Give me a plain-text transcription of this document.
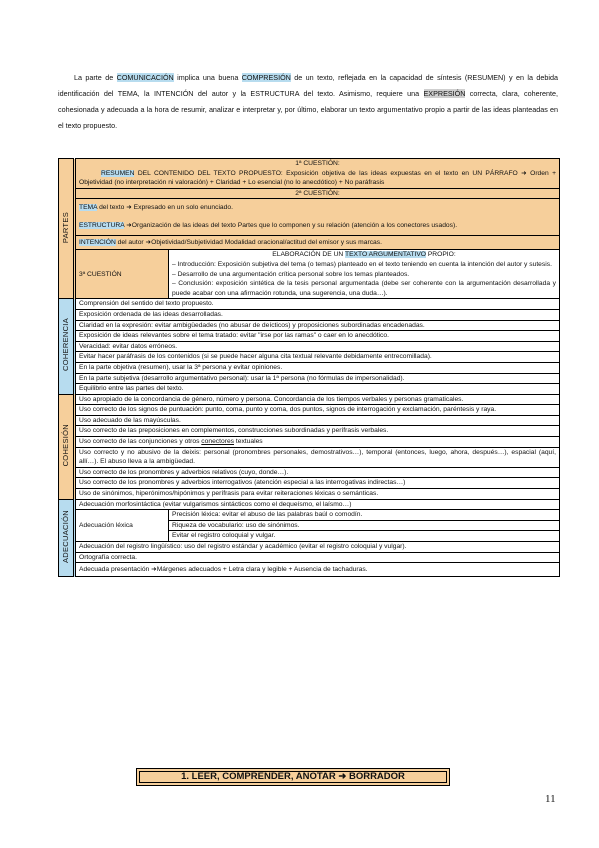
La parte de COMUNICACIÓN implica una buena COMPRESIÓN de un texto, reflejada en la capacidad de síntesis (RESUMEN) y en la debida identificación del TEMA, la INTENCIÓN del autor y la ESTRUCTURA del texto. Asimismo, requiere una EXPRESIÓN correcta, clara, coherente, cohesionada y adecuada a la hora de resumir, analizar e interpretar y, por último, elaborar un texto argumentativo propio a partir de las ideas planteadas en el texto propuesto.

PARTES	1ª CUESTIÓN:
RESUMEN DEL CONTENIDO DEL TEXTO PROPUESTO: Exposición objetiva de las ideas expuestas en el texto en UN PÁRRAFO ➜ Orden + Objetividad (no interpretación ni valoración) + Claridad + Lo esencial (no lo anecdótico) + No paráfrasis	

	2ª CUESTIÓN:	
	TEMA del texto ➜ Expresado en un solo enunciado.
ESTRUCTURA ➜Organización de las ideas del texto Partes que lo componen y su relación (atención a los conectores usados).	
	INTENCIÓN del autor ➜Objetividad/Subjetividad Modalidad oracional/actitud del emisor y sus marcas.	
	3ª CUESTIÓN	ELABORACIÓN DE UN TEXTO ARGUMENTATIVO PROPIO:

– Introducción: Exposición subjetiva del tema (o temas) planteado en el texto teniendo en cuenta la intención del autor y sutesis.

– Desarrollo de una argumentación crítica personal sobre los temas planteados.

– Conclusión: exposición sintética de la tesis personal argumentada (debe ser coherente con la argumentación desarrollada y puede acabar con una afirmación rotunda, una sugerencia, una duda…).

COHERENCIA	Comprensión del sentido del texto propuesto.	
	Exposición ordenada de las ideas desarrolladas.	
	Claridad en la expresión: evitar ambigüedades (no abusar de deícticos) y proposiciones subordinadas encadenadas.	
	Exposición de ideas relevantes sobre el tema tratado: evitar "irse por las ramas" o caer en lo anecdótico.	
	Veracidad: evitar datos erróneos.	
	Evitar hacer paráfrasis de los contenidos (si se puede hacer alguna cita textual relevante debidamente entrecomillada).	
	En la parte objetiva (resumen), usar la 3ª persona y evitar opiniones.	
	En la parte subjetiva (desarrollo argumentativo personal): usar la 1ª persona (no fórmulas de impersonalidad).	
	Equilibrio entre las partes del texto.	
COHESIÓN	Uso apropiado de la concordancia de género, número y persona. Concordancia de los tiempos verbales y personas gramaticales.	
	Uso correcto de los signos de puntuación: punto, coma, punto y coma, dos puntos, signos de interrogación y exclamación, paréntesis y raya.	
	Uso adecuado de las mayúsculas.	
	Uso correcto de las preposiciones en complementos, construcciones subordinadas y perífrasis verbales.	
	Uso correcto de las conjunciones y otros conectores textuales	
	Uso correcto y no abusivo de la deixis: personal (pronombres personales, demostrativos…), temporal (entonces, luego, ahora, después…), espacial (aquí, allí…). El abuso lleva a la ambigüedad.	
	Uso correcto de los pronombres y adverbios relativos (cuyo, donde…).	
	Uso correcto de los pronombres y adverbios interrogativos (atención especial a las interrogativas indirectas…)	
	Uso de sinónimos, hiperónimos/hipónimos y perífrasis para evitar reiteraciones léxicas o semánticas.	
ADECUACIÓN	Adecuación morfosintáctica (evitar vulgarismos sintácticos como el dequeísmo, el laísmo…)	
	Adecuación léxica	Precisión léxica: evitar el abuso de las palabras baúl o comodín.
		Riqueza de vocabulario: uso de sinónimos.
		Evitar el registro coloquial y vulgar.
	Adecuación del registro lingüístico: uso del registro estándar y académico (evitar el registro coloquial y vulgar).	
	Ortografía correcta.	
	Adecuada presentación ➜Márgenes adecuados + Letra clara y legible + Ausencia de tachaduras.	
1. LEER, COMPRENDER, ANOTAR ➜ BORRADOR
11
